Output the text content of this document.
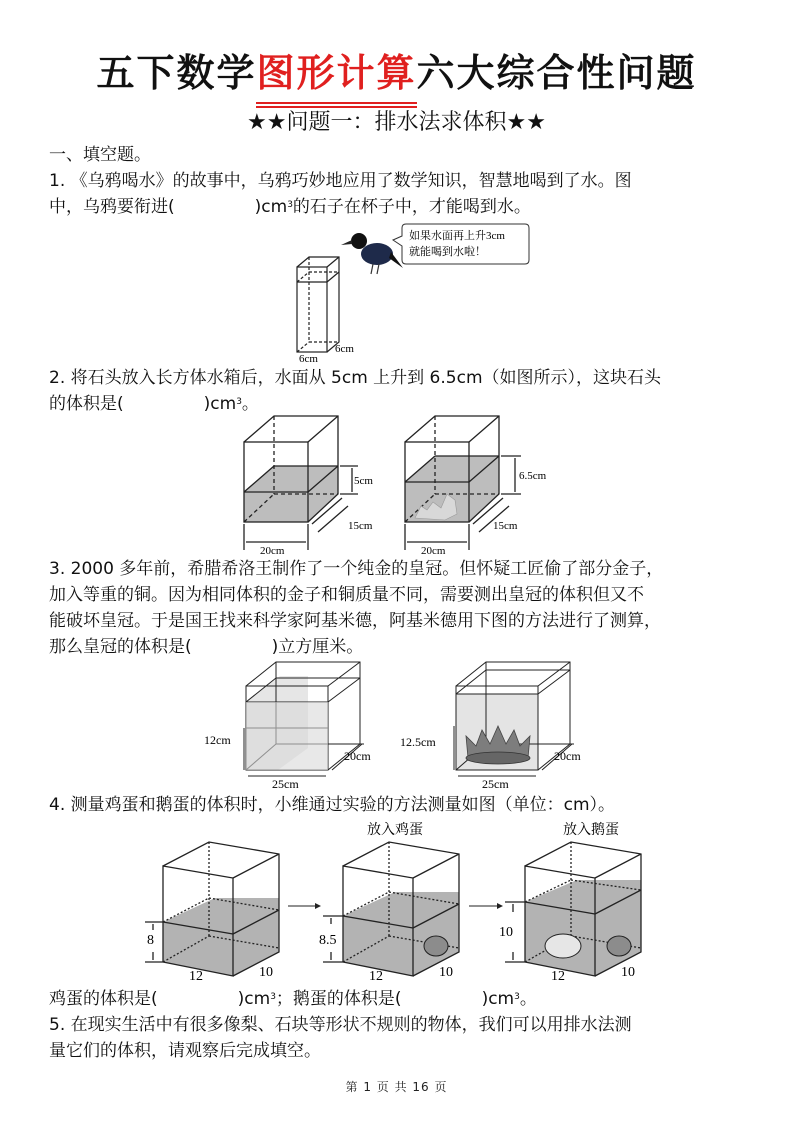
五下数学图形计算六大综合性问题
★★问题一：排水法求体积★★
一、填空题。
1. 《乌鸦喝水》的故事中，乌鸦巧妙地应用了数学知识，智慧地喝到了水。图
中，乌鸦要衔进(	)$cm^3$的石子在杯子中，才能喝到水。
6cm
6cm
如果水面再上升3cm
就能喝到水啦！
2. 将石头放入长方体水箱后，水面从 5cm 上升到 6.5cm（如图所示），这块石头
的体积是(	)$cm^3$。
5cm
20cm
15cm
6.5cm
20cm
15cm
3. 2000 多年前，希腊希洛王制作了一个纯金的皇冠。但怀疑工匠偷了部分金子，
加入等重的铜。因为相同体积的金子和铜质量不同，需要测出皇冠的体积但又不
能破坏皇冠。于是国王找来科学家阿基米德，阿基米德用下图的方法进行了测算，
那么皇冠的体积是(	)立方厘米。
12cm
25cm
20cm
12.5cm
25cm
20cm
4. 测量鸡蛋和鹅蛋的体积时，小维通过实验的方法测量如图（单位：cm）。
放入鸡蛋	放入鹅蛋
8
12	10
8.5
12	10
10
12	10
鸡蛋的体积是(	)$cm^3$；鹅蛋的体积是(	)$cm^3$。
5. 在现实生活中有很多像梨、石块等形状不规则的物体，我们可以用排水法测
量它们的体积，请观察后完成填空。
第 1 页 共 16 页
